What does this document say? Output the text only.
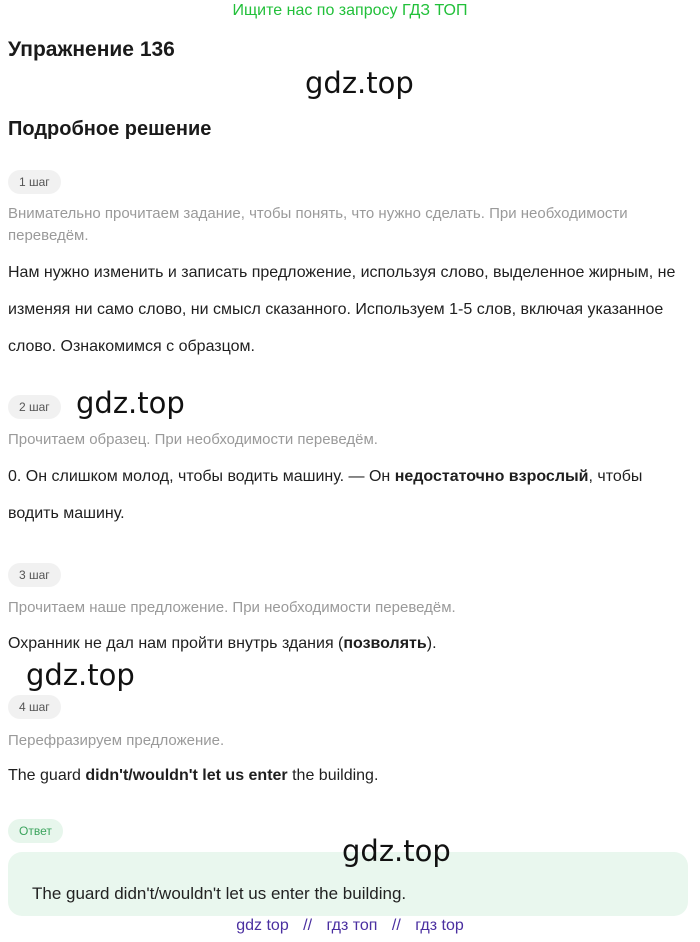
Ищите нас по запросу ГДЗ ТОП
Упражнение 136
gdz.top
Подробное решение
1 шаг
Внимательно прочитаем задание, чтобы понять, что нужно сделать. При необходимости переведём.
Нам нужно изменить и записать предложение, используя слово, выделенное жирным, не изменяя ни само слово, ни смысл сказанного. Используем 1-5 слов, включая указанное слово. Ознакомимся с образцом.
2 шаг gdz.top
Прочитаем образец. При необходимости переведём.
0. Он слишком молод, чтобы водить машину. — Он недостаточно взрослый, чтобы водить машину.
3 шаг
Прочитаем наше предложение. При необходимости переведём.
Охранник не дал нам пройти внутрь здания (позволять).
gdz.top
4 шаг
Перефразируем предложение.
The guard didn't/wouldn't let us enter the building.
Ответ
gdz.top
The guard didn't/wouldn't let us enter the building.
gdz top // гдз топ // гдз top
